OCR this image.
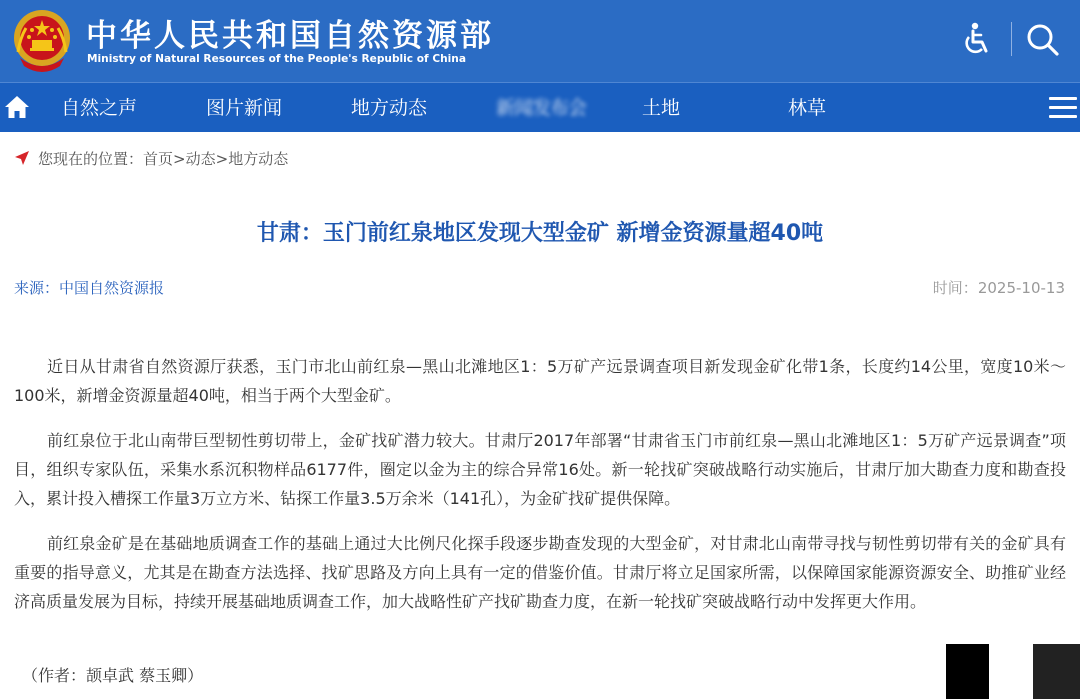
中华人民共和国自然资源部
Ministry of Natural Resources of the People's Republic of China
自然之声	图片新闻	地方动态	新闻发布会	土地	林草
您现在的位置：首页>动态>地方动态
甘肃：玉门前红泉地区发现大型金矿 新增金资源量超40吨
来源：中国自然资源报	时间：2025-10-13

近日从甘肃省自然资源厅获悉，玉门市北山前红泉—黑山北滩地区1：5万矿产远景调查项目新发现金矿化带1条，长度约14公里，宽度10米～100米，新增金资源量超40吨，相当于两个大型金矿。

前红泉位于北山南带巨型韧性剪切带上，金矿找矿潜力较大。甘肃厅2017年部署“甘肃省玉门市前红泉—黑山北滩地区1：5万矿产远景调查”项目，组织专家队伍，采集水系沉积物样品6177件，圈定以金为主的综合异常16处。新一轮找矿突破战略行动实施后，甘肃厅加大勘查力度和勘查投入，累计投入槽探工作量3万立方米、钻探工作量3.5万余米（141孔），为金矿找矿提供保障。

前红泉金矿是在基础地质调查工作的基础上通过大比例尺化探手段逐步勘查发现的大型金矿，对甘肃北山南带寻找与韧性剪切带有关的金矿具有重要的指导意义，尤其是在勘查方法选择、找矿思路及方向上具有一定的借鉴价值。甘肃厅将立足国家所需，以保障国家能源资源安全、助推矿业经济高质量发展为目标，持续开展基础地质调查工作，加大战略性矿产找矿勘查力度，在新一轮找矿突破战略行动中发挥更大作用。

（作者：颉卓武 蔡玉卿）
